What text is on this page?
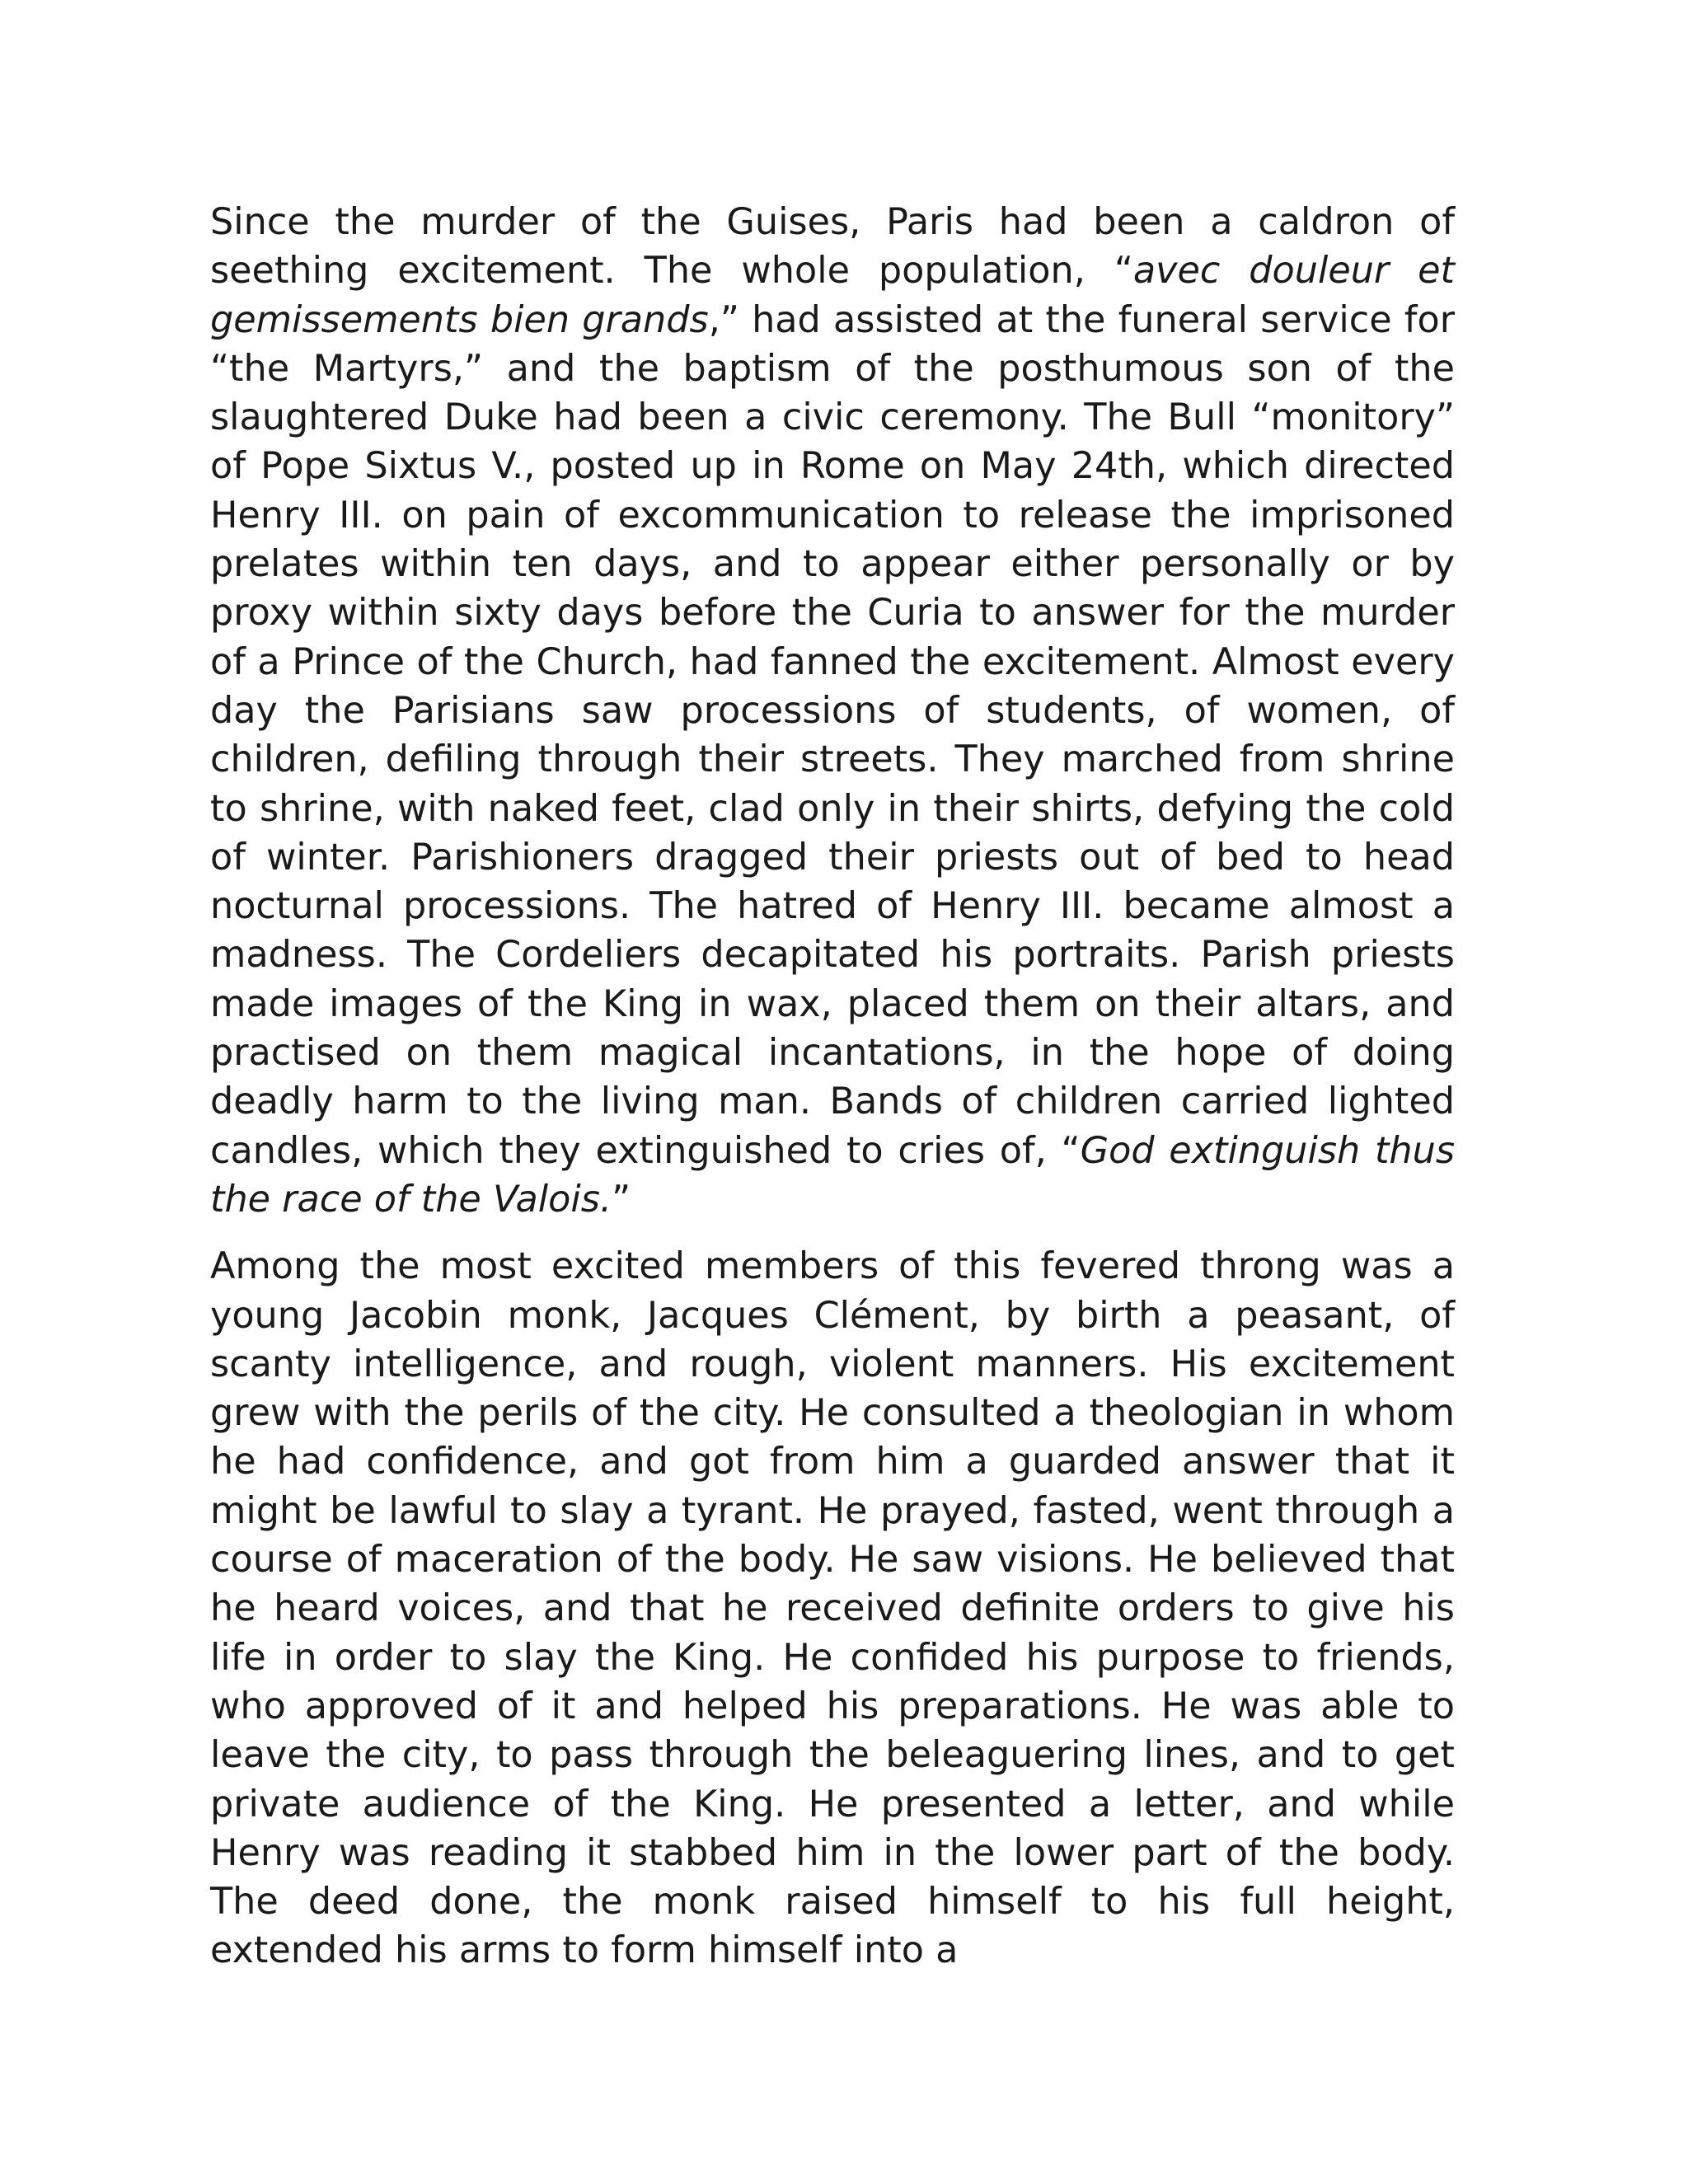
Since the murder of the Guises, Paris had been a caldron of seething excitement. The whole population, “avec douleur et gemissements bien grands,” had assisted at the funeral service for “the Martyrs,” and the baptism of the posthumous son of the slaughtered Duke had been a civic ceremony. The Bull “monitory” of Pope Sixtus V., posted up in Rome on May 24th, which directed Henry III. on pain of excommunication to release the imprisoned prelates within ten days, and to appear either personally or by proxy within sixty days before the Curia to answer for the murder of a Prince of the Church, had fanned the excitement. Almost every day the Parisians saw processions of students, of women, of children, defiling through their streets. They marched from shrine to shrine, with naked feet, clad only in their shirts, defying the cold of winter. Parishioners dragged their priests out of bed to head nocturnal processions. The hatred of Henry III. became almost a madness. The Cordeliers decapitated his portraits. Parish priests made images of the King in wax, placed them on their altars, and practised on them magical incantations, in the hope of doing deadly harm to the living man. Bands of children carried lighted candles, which they extinguished to cries of, “God extinguish thus the race of the Valois.”

Among the most excited members of this fevered throng was a young Jacobin monk, Jacques Clément, by birth a peasant, of scanty intelligence, and rough, violent manners. His excitement grew with the perils of the city. He consulted a theologian in whom he had confidence, and got from him a guarded answer that it might be lawful to slay a tyrant. He prayed, fasted, went through a course of maceration of the body. He saw visions. He believed that he heard voices, and that he received definite orders to give his life in order to slay the King. He confided his purpose to friends, who approved of it and helped his preparations. He was able to leave the city, to pass through the beleaguering lines, and to get private audience of the King. He presented a letter, and while Henry was reading it stabbed him in the lower part of the body. The deed done, the monk raised himself to his full height, extended his arms to form himself into a
